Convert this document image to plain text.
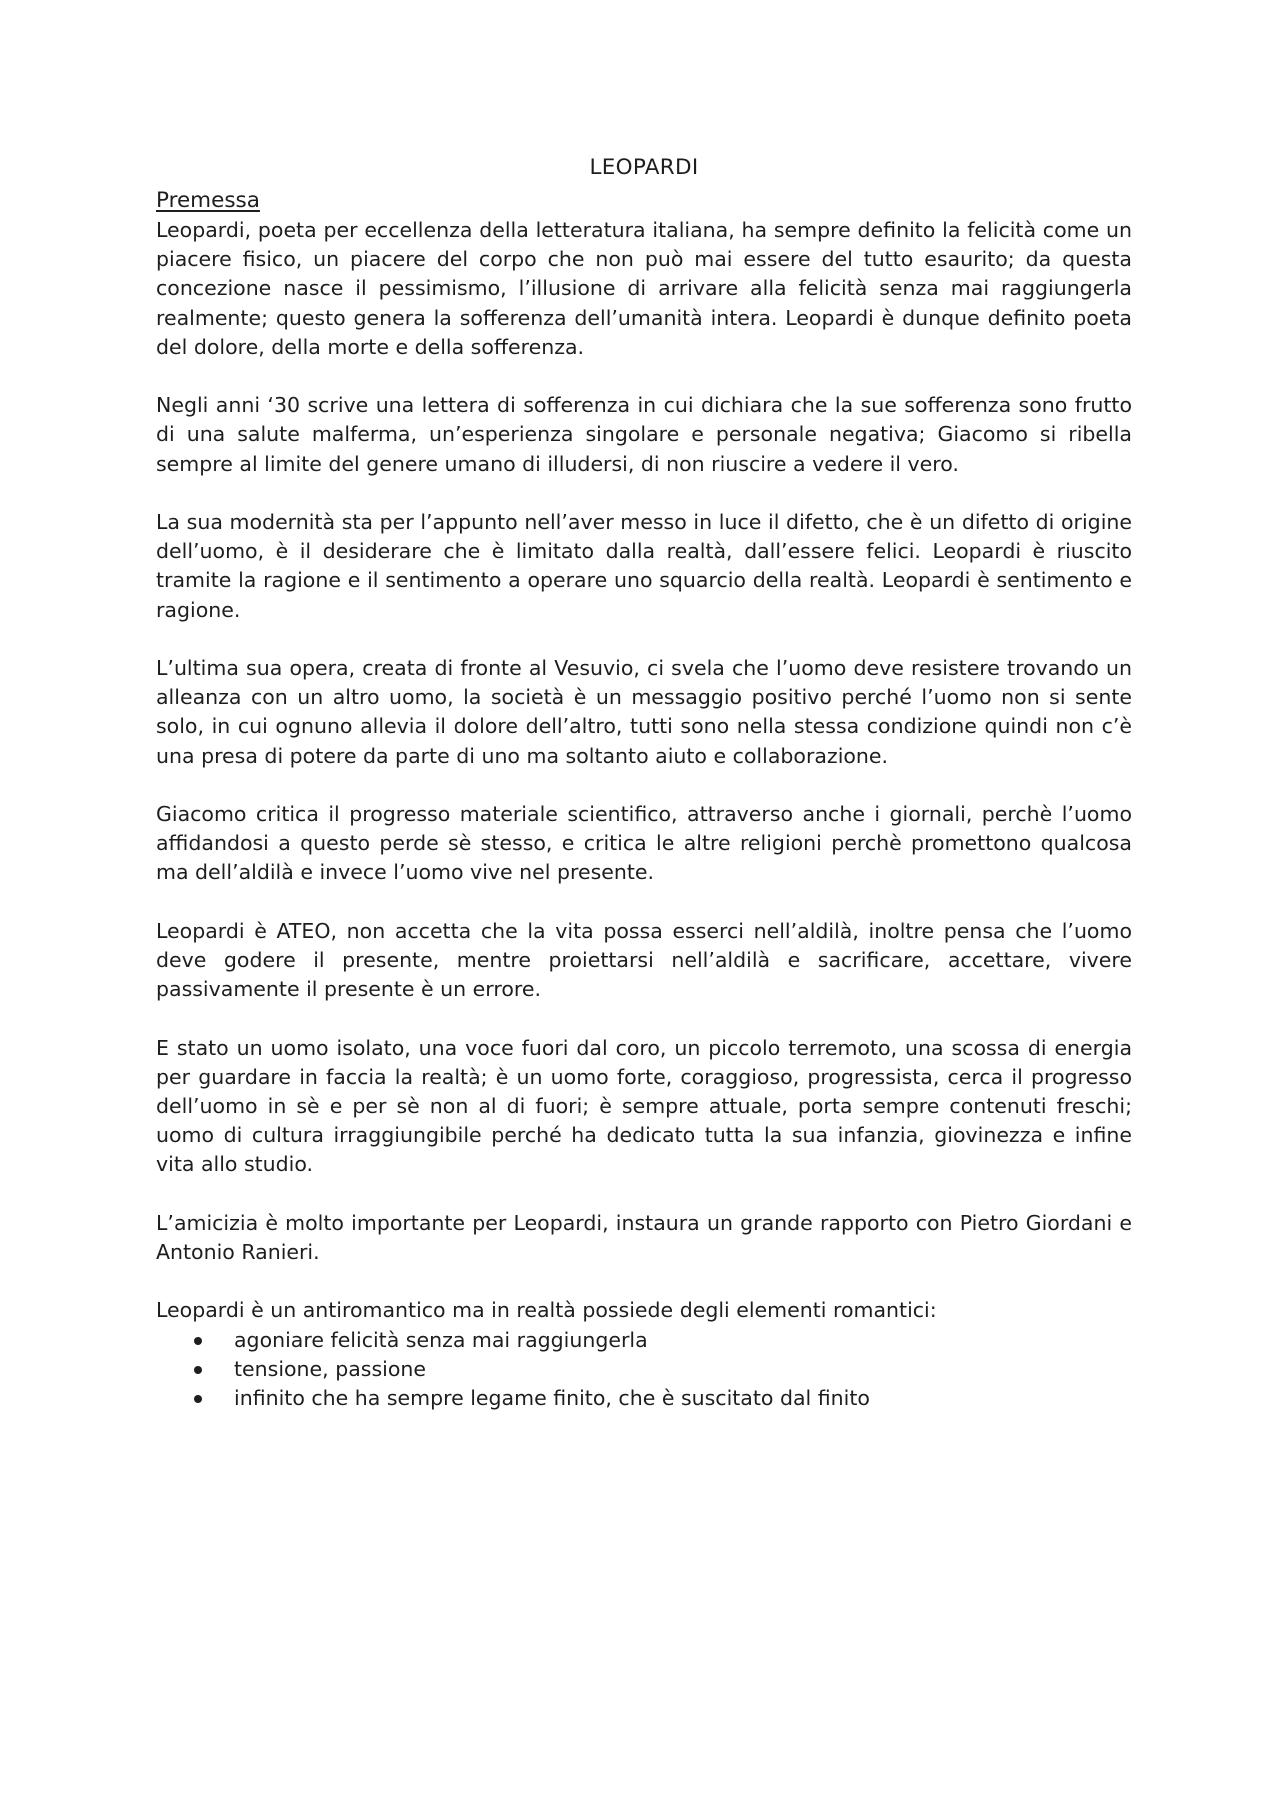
LEOPARDI
Premessa

Leopardi, poeta per eccellenza della letteratura italiana, ha sempre definito la felicità come un piacere fisico, un piacere del corpo che non può mai essere del tutto esaurito; da questa concezione nasce il pessimismo, l’illusione di arrivare alla felicità senza mai raggiungerla realmente; questo genera la sofferenza dell’umanità intera. Leopardi è dunque definito poeta del dolore, della morte e della sofferenza.

Negli anni ‘30 scrive una lettera di sofferenza in cui dichiara che la sue sofferenza sono frutto di una salute malferma, un’esperienza singolare e personale negativa; Giacomo si ribella sempre al limite del genere umano di illudersi, di non riuscire a vedere il vero.

La sua modernità sta per l’appunto nell’aver messo in luce il difetto, che è un difetto di origine dell’uomo, è il desiderare che è limitato dalla realtà, dall’essere felici. Leopardi è riuscito tramite la ragione e il sentimento a operare uno squarcio della realtà. Leopardi è sentimento e ragione.

L’ultima sua opera, creata di fronte al Vesuvio, ci svela che l’uomo deve resistere trovando un alleanza con un altro uomo, la società è un messaggio positivo perché l’uomo non si sente solo, in cui ognuno allevia il dolore dell’altro, tutti sono nella stessa condizione quindi non c’è una presa di potere da parte di uno ma soltanto aiuto e collaborazione.

Giacomo critica il progresso materiale scientifico, attraverso anche i giornali, perchè l’uomo affidandosi a questo perde sè stesso, e critica le altre religioni perchè promettono qualcosa ma dell’aldilà e invece l’uomo vive nel presente.

Leopardi è ATEO, non accetta che la vita possa esserci nell’aldilà, inoltre pensa che l’uomo deve godere il presente, mentre proiettarsi nell’aldilà e sacrificare, accettare, vivere passivamente il presente è un errore.

E stato un uomo isolato, una voce fuori dal coro, un piccolo terremoto, una scossa di energia per guardare in faccia la realtà; è un uomo forte, coraggioso, progressista, cerca il progresso dell’uomo in sè e per sè non al di fuori; è sempre attuale, porta sempre contenuti freschi; uomo di cultura irraggiungibile perché ha dedicato tutta la sua infanzia, giovinezza e infine vita allo studio.

L’amicizia è molto importante per Leopardi, instaura un grande rapporto con Pietro Giordani e Antonio Ranieri.

Leopardi è un antiromantico ma in realtà possiede degli elementi romantici:

agoniare felicità senza mai raggiungerla
tensione, passione
infinito che ha sempre legame finito, che è suscitato dal finito
